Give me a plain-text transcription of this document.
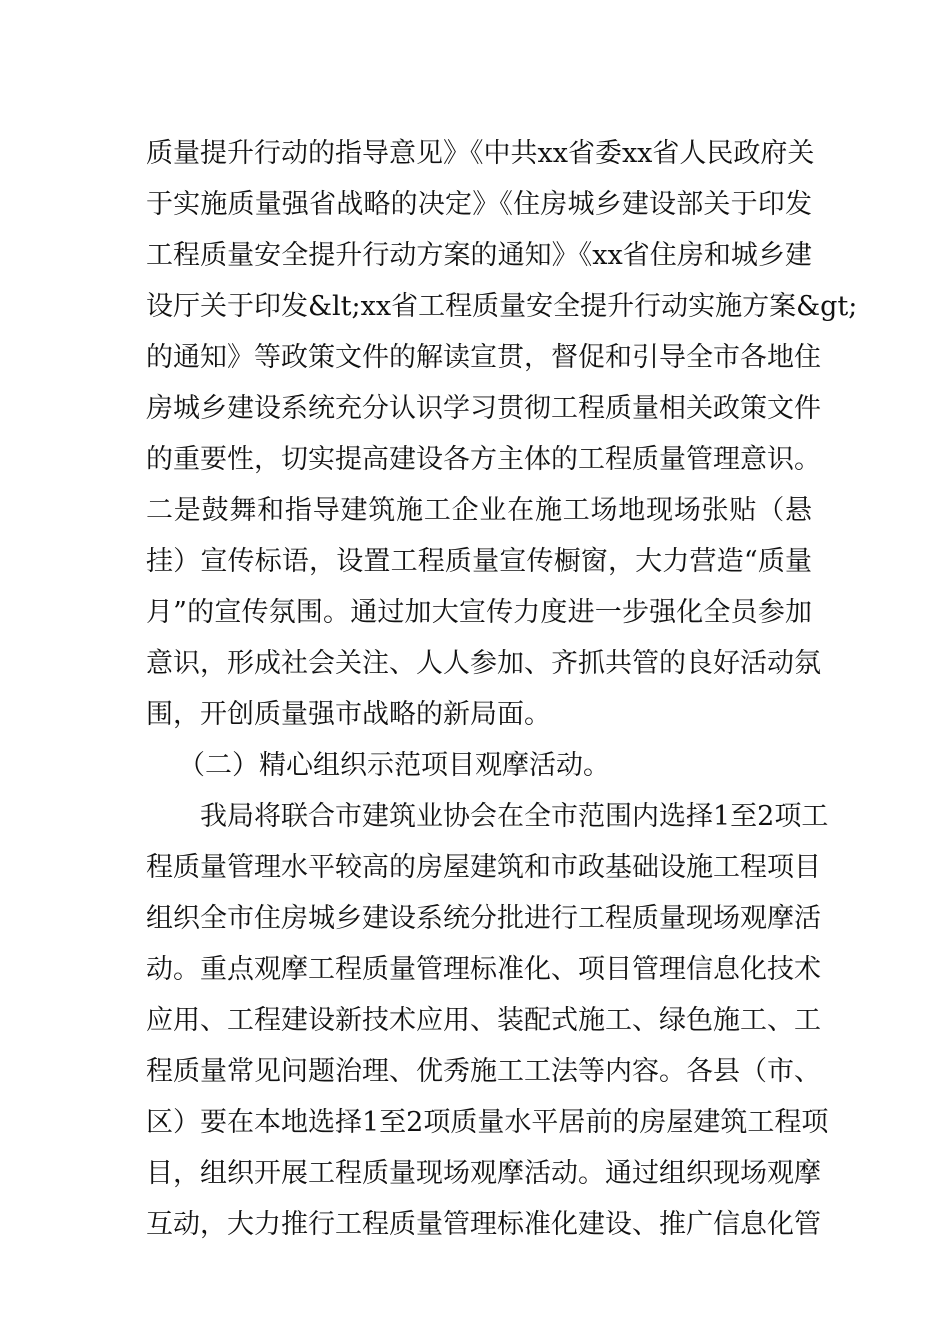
质量提升行动的指导意见》《中共xx省委xx省人民政府关
于实施质量强省战略的决定》《住房城乡建设部关于印发
工程质量安全提升行动方案的通知》《xx省住房和城乡建
设厅关于印发&lt;xx省工程质量安全提升行动实施方案&gt;
的通知》等政策文件的解读宣贯，督促和引导全市各地住
房城乡建设系统充分认识学习贯彻工程质量相关政策文件
的重要性，切实提高建设各方主体的工程质量管理意识。
二是鼓舞和指导建筑施工企业在施工场地现场张贴（悬
挂）宣传标语，设置工程质量宣传橱窗，大力营造“质量
月”的宣传氛围。通过加大宣传力度进一步强化全员参加
意识，形成社会关注、人人参加、齐抓共管的良好活动氛
围，开创质量强市战略的新局面。
（二）精心组织示范项目观摩活动。
我局将联合市建筑业协会在全市范围内选择1至2项工
程质量管理水平较高的房屋建筑和市政基础设施工程项目
组织全市住房城乡建设系统分批进行工程质量现场观摩活
动。重点观摩工程质量管理标准化、项目管理信息化技术
应用、工程建设新技术应用、装配式施工、绿色施工、工
程质量常见问题治理、优秀施工工法等内容。各县（市、
区）要在本地选择1至2项质量水平居前的房屋建筑工程项
目，组织开展工程质量现场观摩活动。通过组织现场观摩
互动，大力推行工程质量管理标准化建设、推广信息化管
